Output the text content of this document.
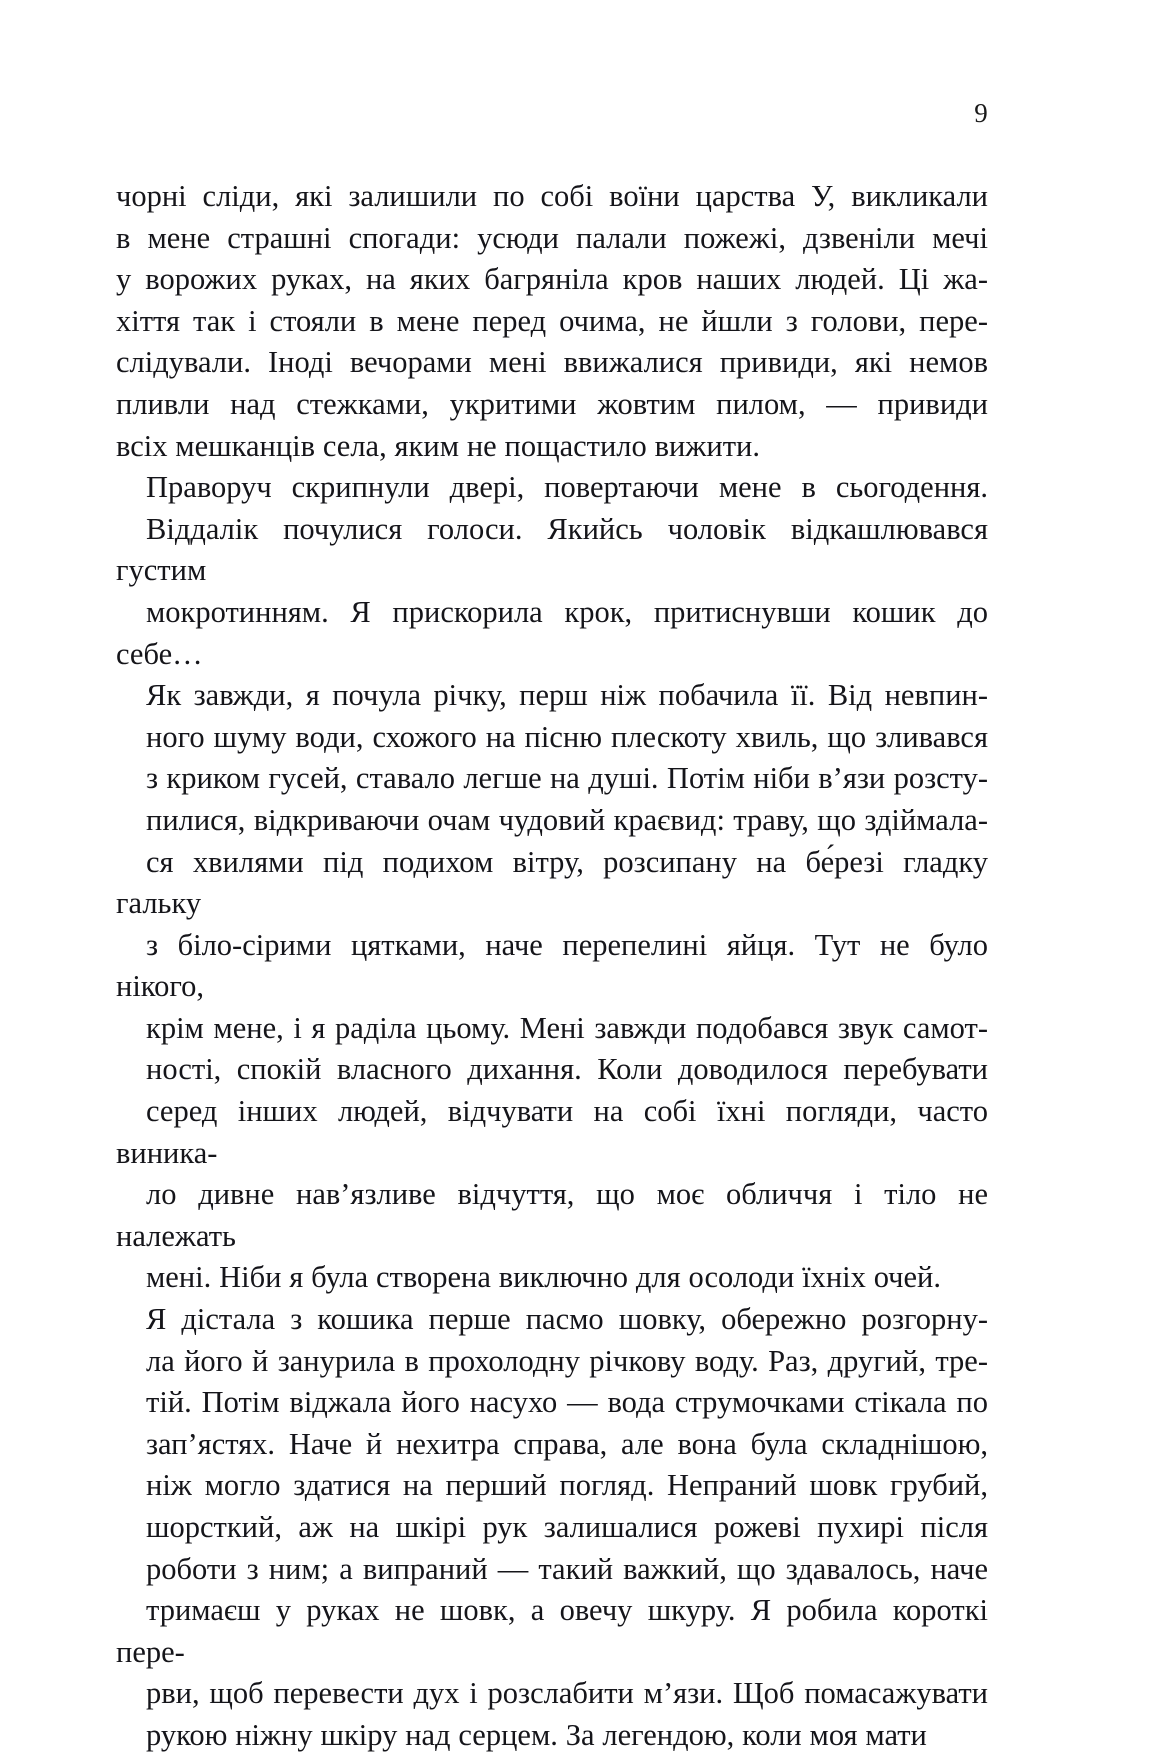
9

чорні сліди, які залишили по собі воїни царства У, викликали
в мене страшні спогади: усюди палали пожежі, дзвеніли мечі
у ворожих руках, на яких багряніла кров наших людей. Ці жа-
хіття так і стояли в мене перед очима, не йшли з голови, пере-
слідували. Іноді вечорами мені ввижалися привиди, які немов
пливли над стежками, укритими жовтим пилом, — привиди
всіх мешканців села, яким не пощастило вижити.

Праворуч скрипнули двері, повертаючи мене в сьогодення.
Віддалік почулися голоси. Якийсь чоловік відкашлювався густим
мокротинням. Я прискорила крок, притиснувши кошик до себе…

Як завжди, я почула річку, перш ніж побачила її. Від невпин-
ного шуму води, схожого на пісню плескоту хвиль, що зливався
з криком гусей, ставало легше на душі. Потім ніби в’язи розсту-
пилися, відкриваючи очам чудовий краєвид: траву, що здіймала-
ся хвилями під подихом вітру, розсипану на бе́резі гладку гальку
з біло-сірими цятками, наче перепелині яйця. Тут не було нікого,
крім мене, і я раділа цьому. Мені завжди подобався звук самот-
ності, спокій власного дихання. Коли доводилося перебувати
серед інших людей, відчувати на собі їхні погляди, часто виника-
ло дивне нав’язливе відчуття, що моє обличчя і тіло не належать
мені. Ніби я була створена виключно для осолоди їхніх очей.

Я дістала з кошика перше пасмо шовку, обережно розгорну-
ла його й занурила в прохолодну річкову воду. Раз, другий, тре-
тій. Потім віджала його насухо — вода струмочками стікала по
зап’ястях. Наче й нехитра справа, але вона була складнішою,
ніж могло здатися на перший погляд. Непраний шовк грубий,
шорсткий, аж на шкірі рук залишалися рожеві пухирі після
роботи з ним; а випраний — такий важкий, що здавалось, наче
тримаєш у руках не шовк, а овечу шкуру. Я робила короткі пере-
рви, щоб перевести дух і розслабити м’язи. Щоб помасажувати
рукою ніжну шкіру над серцем. За легендою, коли моя мати
